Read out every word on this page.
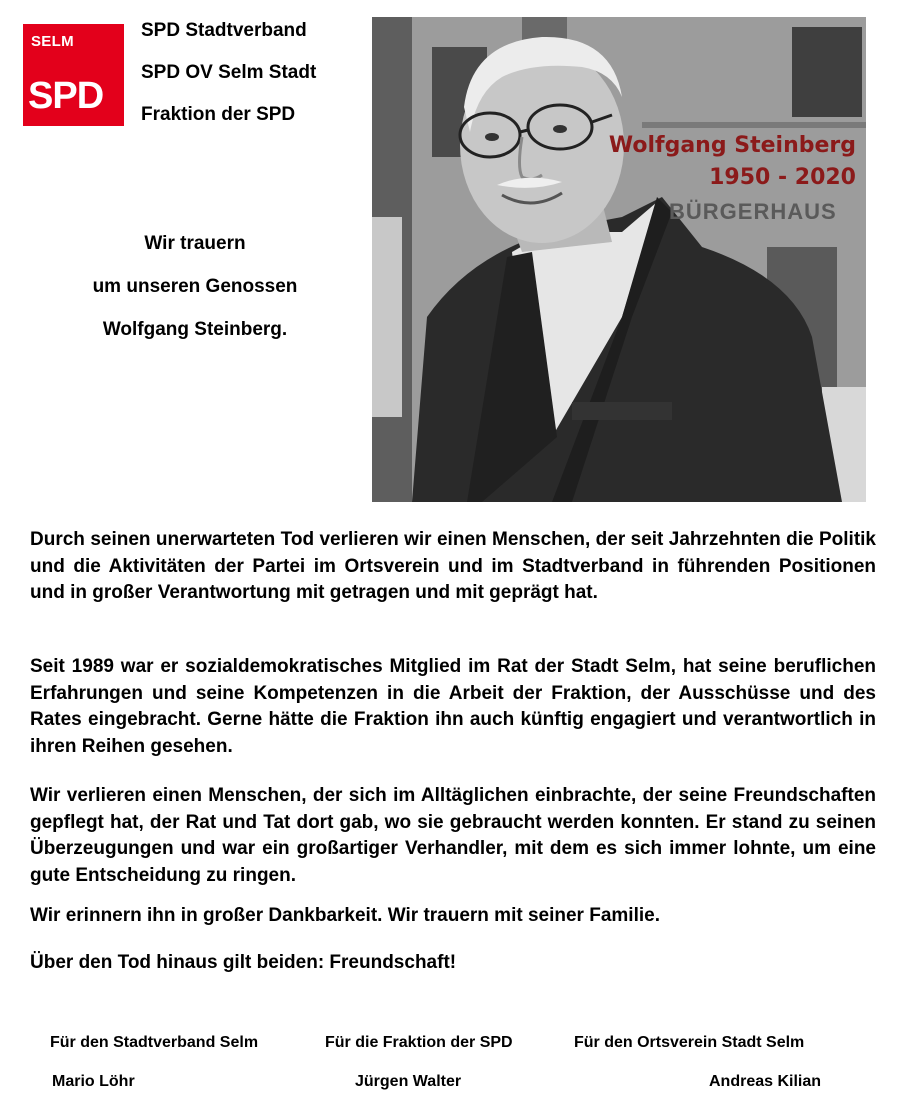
SELM
SPD
SPD Stadtverband
SPD OV Selm Stadt
Fraktion der SPD
Wir trauern
um unseren Genossen
Wolfgang Steinberg.
BÜRGERHAUS
Wolfgang Steinberg
1950 - 2020
Durch seinen unerwarteten Tod verlieren wir einen Menschen, der seit Jahrzehnten die Politik und die Aktivitäten der Partei im Ortsverein und im Stadtverband in führenden Positionen und in großer Verantwortung mit getragen und mit geprägt hat.
Seit 1989 war er sozialdemokratisches Mitglied im Rat der Stadt Selm, hat seine beruflichen Erfahrungen und seine Kompetenzen in die Arbeit der Fraktion, der Ausschüsse und des Rates eingebracht. Gerne hätte die Fraktion ihn auch künftig engagiert und verantwortlich in ihren Reihen gesehen.
Wir verlieren einen Menschen, der sich im Alltäglichen einbrachte, der seine Freundschaften gepflegt hat, der Rat und Tat dort gab, wo sie gebraucht werden konnten. Er stand zu seinen Überzeugungen und war ein großartiger Verhandler, mit dem es sich immer lohnte, um eine gute Entscheidung zu ringen.
Wir erinnern ihn in großer Dankbarkeit. Wir trauern mit seiner Familie.
Über den Tod hinaus gilt beiden: Freundschaft!
Für den Stadtverband Selm	Für die Fraktion der SPD	Für den Ortsverein Stadt Selm
Mario Löhr	Jürgen Walter	Andreas Kilian
